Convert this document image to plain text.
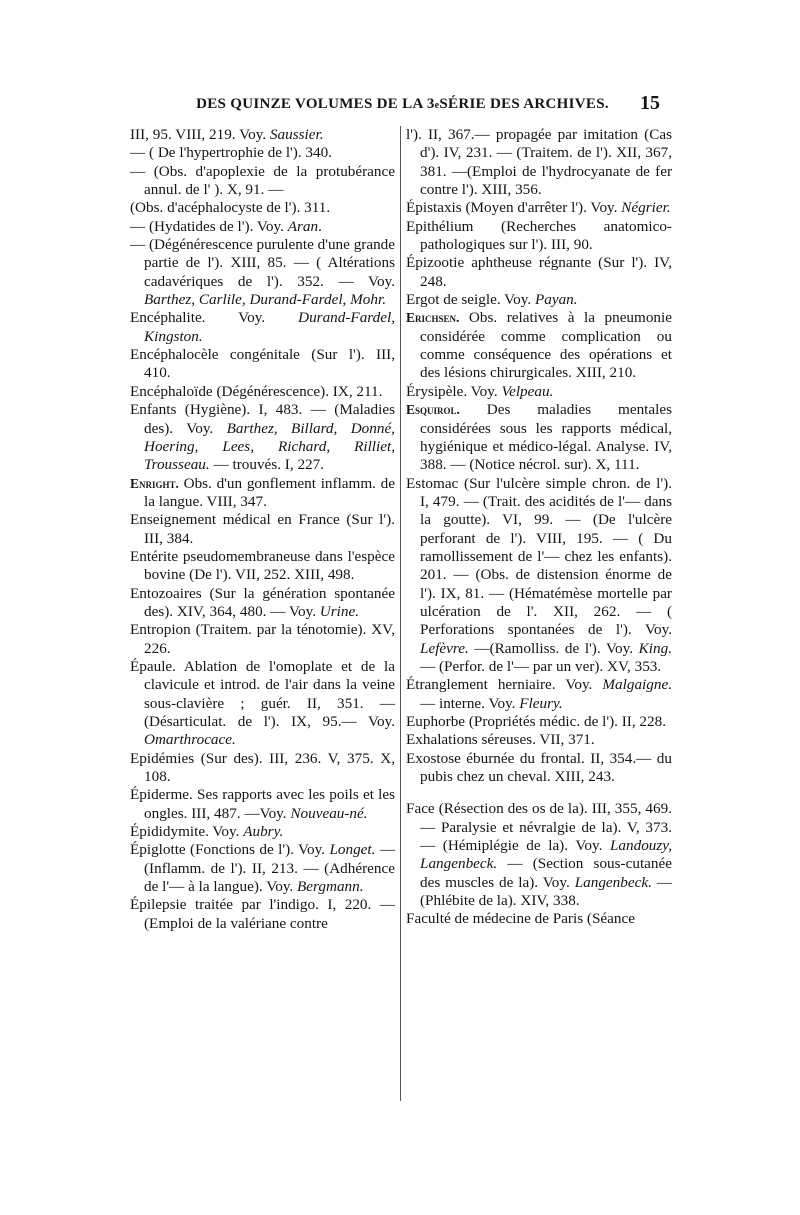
DES QUINZE VOLUMES DE LA 3 e SÉRIE DES ARCHIVES. 15

III, 95. VIII, 219. Voy. Saussier.

— ( De l'hypertrophie de l'). 340.

— (Obs. d'apoplexie de la protubérance annul. de l' ). X, 91. —

(Obs. d'acéphalocyste de l'). 311.

— (Hydatides de l'). Voy. Aran.

— (Dégénérescence purulente d'une grande partie de l'). XIII, 85. — ( Altérations cadavériques de l'). 352. — Voy. Barthez, Carlile, Durand-Fardel, Mohr.

Encéphalite. Voy. Durand-Fardel, Kingston.

Encéphalocèle congénitale (Sur l'). III, 410.

Encéphaloïde (Dégénérescence). IX, 211.

Enfants (Hygiène). I, 483. — (Maladies des). Voy. Barthez, Billard, Donné, Hoering, Lees, Richard, Rilliet, Trousseau. — trouvés. I, 227.

Enright. Obs. d'un gonflement inflamm. de la langue. VIII, 347.

Enseignement médical en France (Sur l'). III, 384.

Entérite pseudomembraneuse dans l'espèce bovine (De l'). VII, 252. XIII, 498.

Entozoaires (Sur la génération spontanée des). XIV, 364, 480. — Voy. Urine.

Entropion (Traitem. par la ténotomie). XV, 226.

Épaule. Ablation de l'omoplate et de la clavicule et introd. de l'air dans la veine sous-clavière ; guér. II, 351. — (Désarticulat. de l'). IX, 95.— Voy. Omarthrocace.

Epidémies (Sur des). III, 236. V, 375. X, 108.

Épiderme. Ses rapports avec les poils et les ongles. III, 487. —Voy. Nouveau-né.

Épididymite. Voy. Aubry.

Épiglotte (Fonctions de l'). Voy. Longet. — (Inflamm. de l'). II, 213. — (Adhérence de l'— à la langue). Voy. Bergmann.

Épilepsie traitée par l'indigo. I, 220. — (Emploi de la valériane contre

l'). II, 367.— propagée par imitation (Cas d'). IV, 231. — (Traitem. de l'). XII, 367, 381. —(Emploi de l'hydrocyanate de fer contre l'). XIII, 356.

Épistaxis (Moyen d'arrêter l'). Voy. Négrier.

Epithélium (Recherches anatomico-pathologiques sur l'). III, 90.

Épizootie aphtheuse régnante (Sur l'). IV, 248.

Ergot de seigle. Voy. Payan.

Erichsen. Obs. relatives à la pneumonie considérée comme complication ou comme conséquence des opérations et des lésions chirurgicales. XIII, 210.

Érysipèle. Voy. Velpeau.

Esquirol. Des maladies mentales considérées sous les rapports médical, hygiénique et médico-légal. Analyse. IV, 388. — (Notice nécrol. sur). X, 111.

Estomac (Sur l'ulcère simple chron. de l'). I, 479. — (Trait. des acidités de l'— dans la goutte). VI, 99. — (De l'ulcère perforant de l'). VIII, 195. — ( Du ramollissement de l'— chez les enfants). 201. — (Obs. de distension énorme de l'). IX, 81. — (Hématémèse mortelle par ulcération de l'. XII, 262. — ( Perforations spontanées de l'). Voy. Lefèvre. —(Ramolliss. de l'). Voy. King. — (Perfor. de l'— par un ver). XV, 353.

Étranglement herniaire. Voy. Malgaigne. — interne. Voy. Fleury.

Euphorbe (Propriétés médic. de l'). II, 228.

Exhalations séreuses. VII, 371.

Exostose éburnée du frontal. II, 354.— du pubis chez un cheval. XIII, 243.

Face (Résection des os de la). III, 355, 469. — Paralysie et névralgie de la). V, 373. — (Hémiplégie de la). Voy. Landouzy, Langenbeck. — (Section sous-cutanée des muscles de la). Voy. Langenbeck. — (Phlébite de la). XIV, 338.

Faculté de médecine de Paris (Séance
